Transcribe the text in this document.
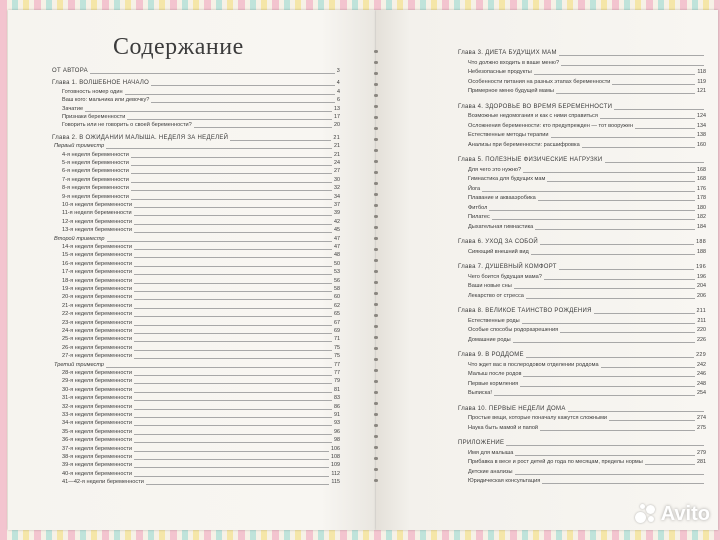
Содержание
ОТ АВТОРА	3
Глава 1. ВОЛШЕБНОЕ НАЧАЛО	4
Готовность номер один	4
Ваш кого: мальчика или девочку?	6
Зачатие	13
Признаки беременности	17
Говорить или не говорить о своей беременности?	20
Глава 2. В ОЖИДАНИИ МАЛЫША. НЕДЕЛЯ ЗА НЕДЕЛЕЙ	21
Первый триместр	21
4-я неделя беременности	21
5-я неделя беременности	24
6-я неделя беременности	27
7-я неделя беременности	30
8-я неделя беременности	32
9-я неделя беременности	34
10-я неделя беременности	37
11-я неделя беременности	39
12-я неделя беременности	42
13-я неделя беременности	45
Второй триместр	47
14-я неделя беременности	47
15-я неделя беременности	48
16-я неделя беременности	50
17-я неделя беременности	53
18-я неделя беременности	56
19-я неделя беременности	58
20-я неделя беременности	60
21-я неделя беременности	62
22-я неделя беременности	65
23-я неделя беременности	67
24-я неделя беременности	69
25-я неделя беременности	71
26-я неделя беременности	75
27-я неделя беременности	75
Третий триместр	77
28-я неделя беременности	77
29-я неделя беременности	79
30-я неделя беременности	81
31-я неделя беременности	83
32-я неделя беременности	86
33-я неделя беременности	91
34-я неделя беременности	93
35-я неделя беременности	96
36-я неделя беременности	98
37-я неделя беременности	106
38-я неделя беременности	108
39-я неделя беременности	109
40-я неделя беременности	112
41—42-я недели беременности	115
Глава 3. ДИЕТА БУДУЩИХ МАМ
Что должно входить в ваше меню?
Небезопасные продукты	118
Особенности питания на разных этапах беременности	119
Примерное меню будущей мамы	121
Глава 4. ЗДОРОВЬЕ ВО ВРЕМЯ БЕРЕМЕННОСТИ
Возможные недомогания и как с ними справиться	124
Осложнения беременности: кто предупрежден — тот вооружен	134
Естественные методы терапии	138
Анализы при беременности: расшифровка	160
Глава 5. ПОЛЕЗНЫЕ ФИЗИЧЕСКИЕ НАГРУЗКИ
Для чего это нужно?	168
Гимнастика для будущих мам	168
Йога	176
Плавание и аквааэробика	178
Фитбол	180
Пилатес	182
Дыхательная гимнастика	184
Глава 6. УХОД ЗА СОБОЙ	188
Сияющий внешний вид	188
Глава 7. ДУШЕВНЫЙ КОМФОРТ	196
Чего боится будущая мама?	196
Ваши новые сны	204
Лекарство от стресса	206
Глава 8. ВЕЛИКОЕ ТАИНСТВО РОЖДЕНИЯ	211
Естественные роды	211
Особые способы родоразрешения	220
Домашние роды	226
Глава 9. В РОДДОМЕ	229
Что ждет вас в послеродовом отделении роддома	242
Малыш после родов	246
Первые кормления	248
Выписка!	254
Глава 10. ПЕРВЫЕ НЕДЕЛИ ДОМА
Простые вещи, которые поначалу кажутся сложными	274
Наука быть мамой и папой	275
ПРИЛОЖЕНИЕ
Имя для малыша	279
Прибавка в весе и рост детей до года по месяцам, пределы нормы	281
Детские анализы
Юридическая консультация
Avito
